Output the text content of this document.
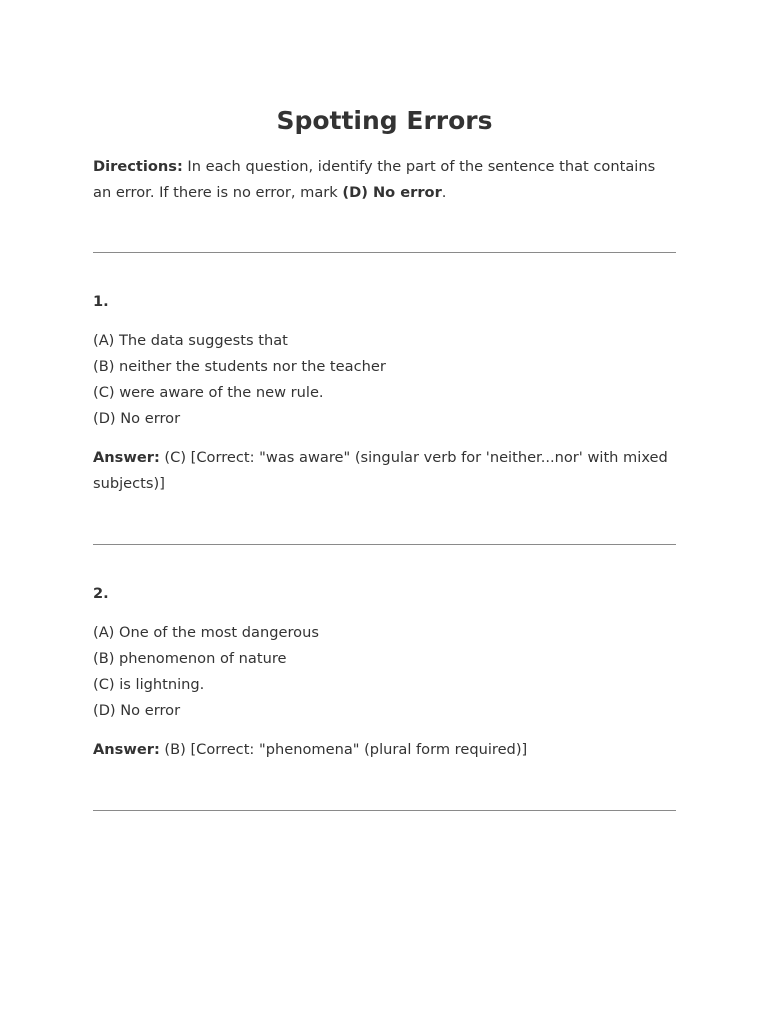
Spotting Errors
Directions: In each question, identify the part of the sentence that contains an error. If there is no error, mark (D) No error.
1.
(A) The data suggests that
(B) neither the students nor the teacher
(C) were aware of the new rule.
(D) No error
Answer: (C) [Correct: "was aware" (singular verb for 'neither...nor' with mixed subjects)]
2.
(A) One of the most dangerous
(B) phenomenon of nature
(C) is lightning.
(D) No error
Answer: (B) [Correct: "phenomena" (plural form required)]
